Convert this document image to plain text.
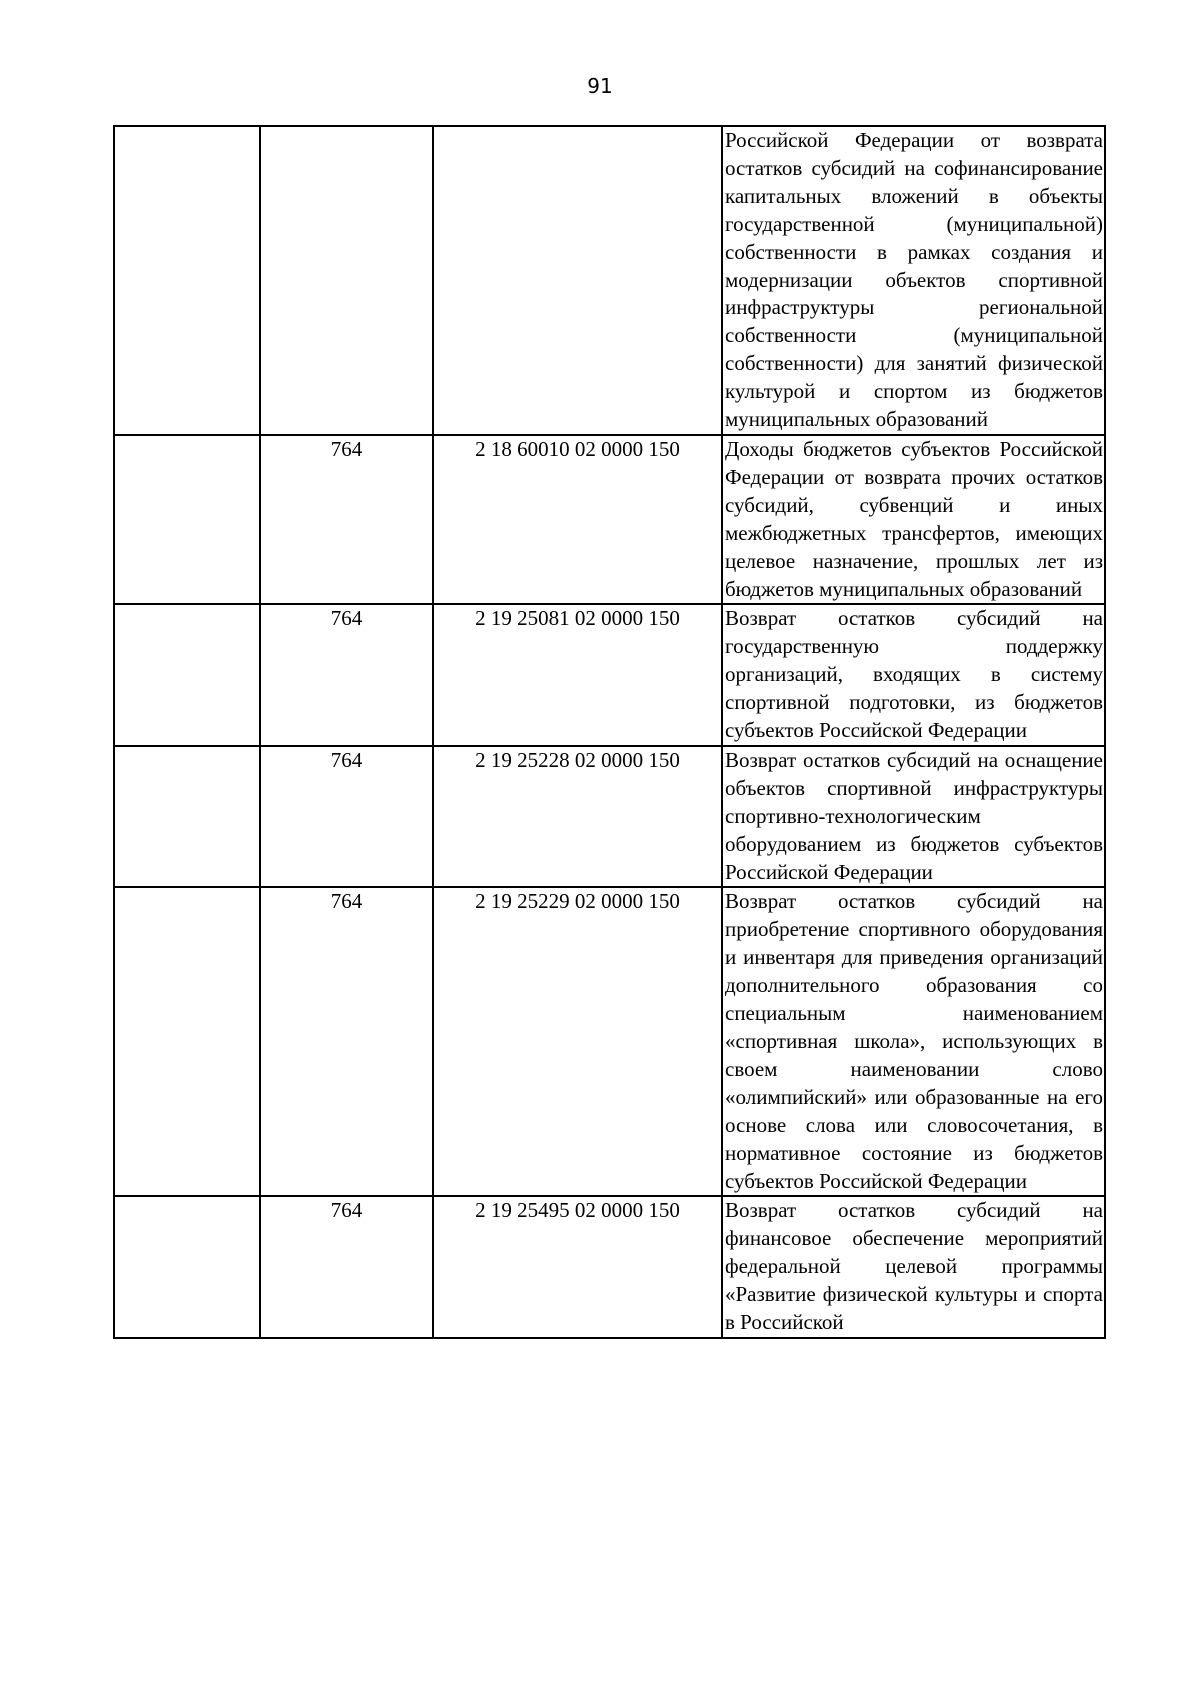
91

			Российской Федерации от возврата остатков субсидий на софинансирование капитальных вложений в объекты государственной (муниципальной) собственности в рамках создания и модернизации объектов спортивной инфраструктуры региональной собственности (муниципальной собственности) для занятий физической культурой и спортом из бюджетов муниципальных образований

	764	2 18 60010 02 0000 150	Доходы бюджетов субъектов Российской Федерации от возврата прочих остатков субсидий, субвенций и иных межбюджетных трансфертов, имеющих целевое назначение, прошлых лет из бюджетов муниципальных образований

	764	2 19 25081 02 0000 150	Возврат остатков субсидий на государственную поддержку организаций, входящих в систему спортивной подготовки, из бюджетов субъектов Российской Федерации

	764	2 19 25228 02 0000 150	Возврат остатков субсидий на оснащение объектов спортивной инфраструктуры спортивно-технологическим оборудованием из бюджетов субъектов Российской Федерации

	764	2 19 25229 02 0000 150	Возврат остатков субсидий на приобретение спортивного оборудования и инвентаря для приведения организаций дополнительного образования со специальным наименованием «спортивная школа», использующих в своем наименовании слово «олимпийский» или образованные на его основе слова или словосочетания, в нормативное состояние из бюджетов субъектов Российской Федерации

	764	2 19 25495 02 0000 150	Возврат остатков субсидий на финансовое обеспечение мероприятий федеральной целевой программы «Развитие физической культуры и спорта в Российской
